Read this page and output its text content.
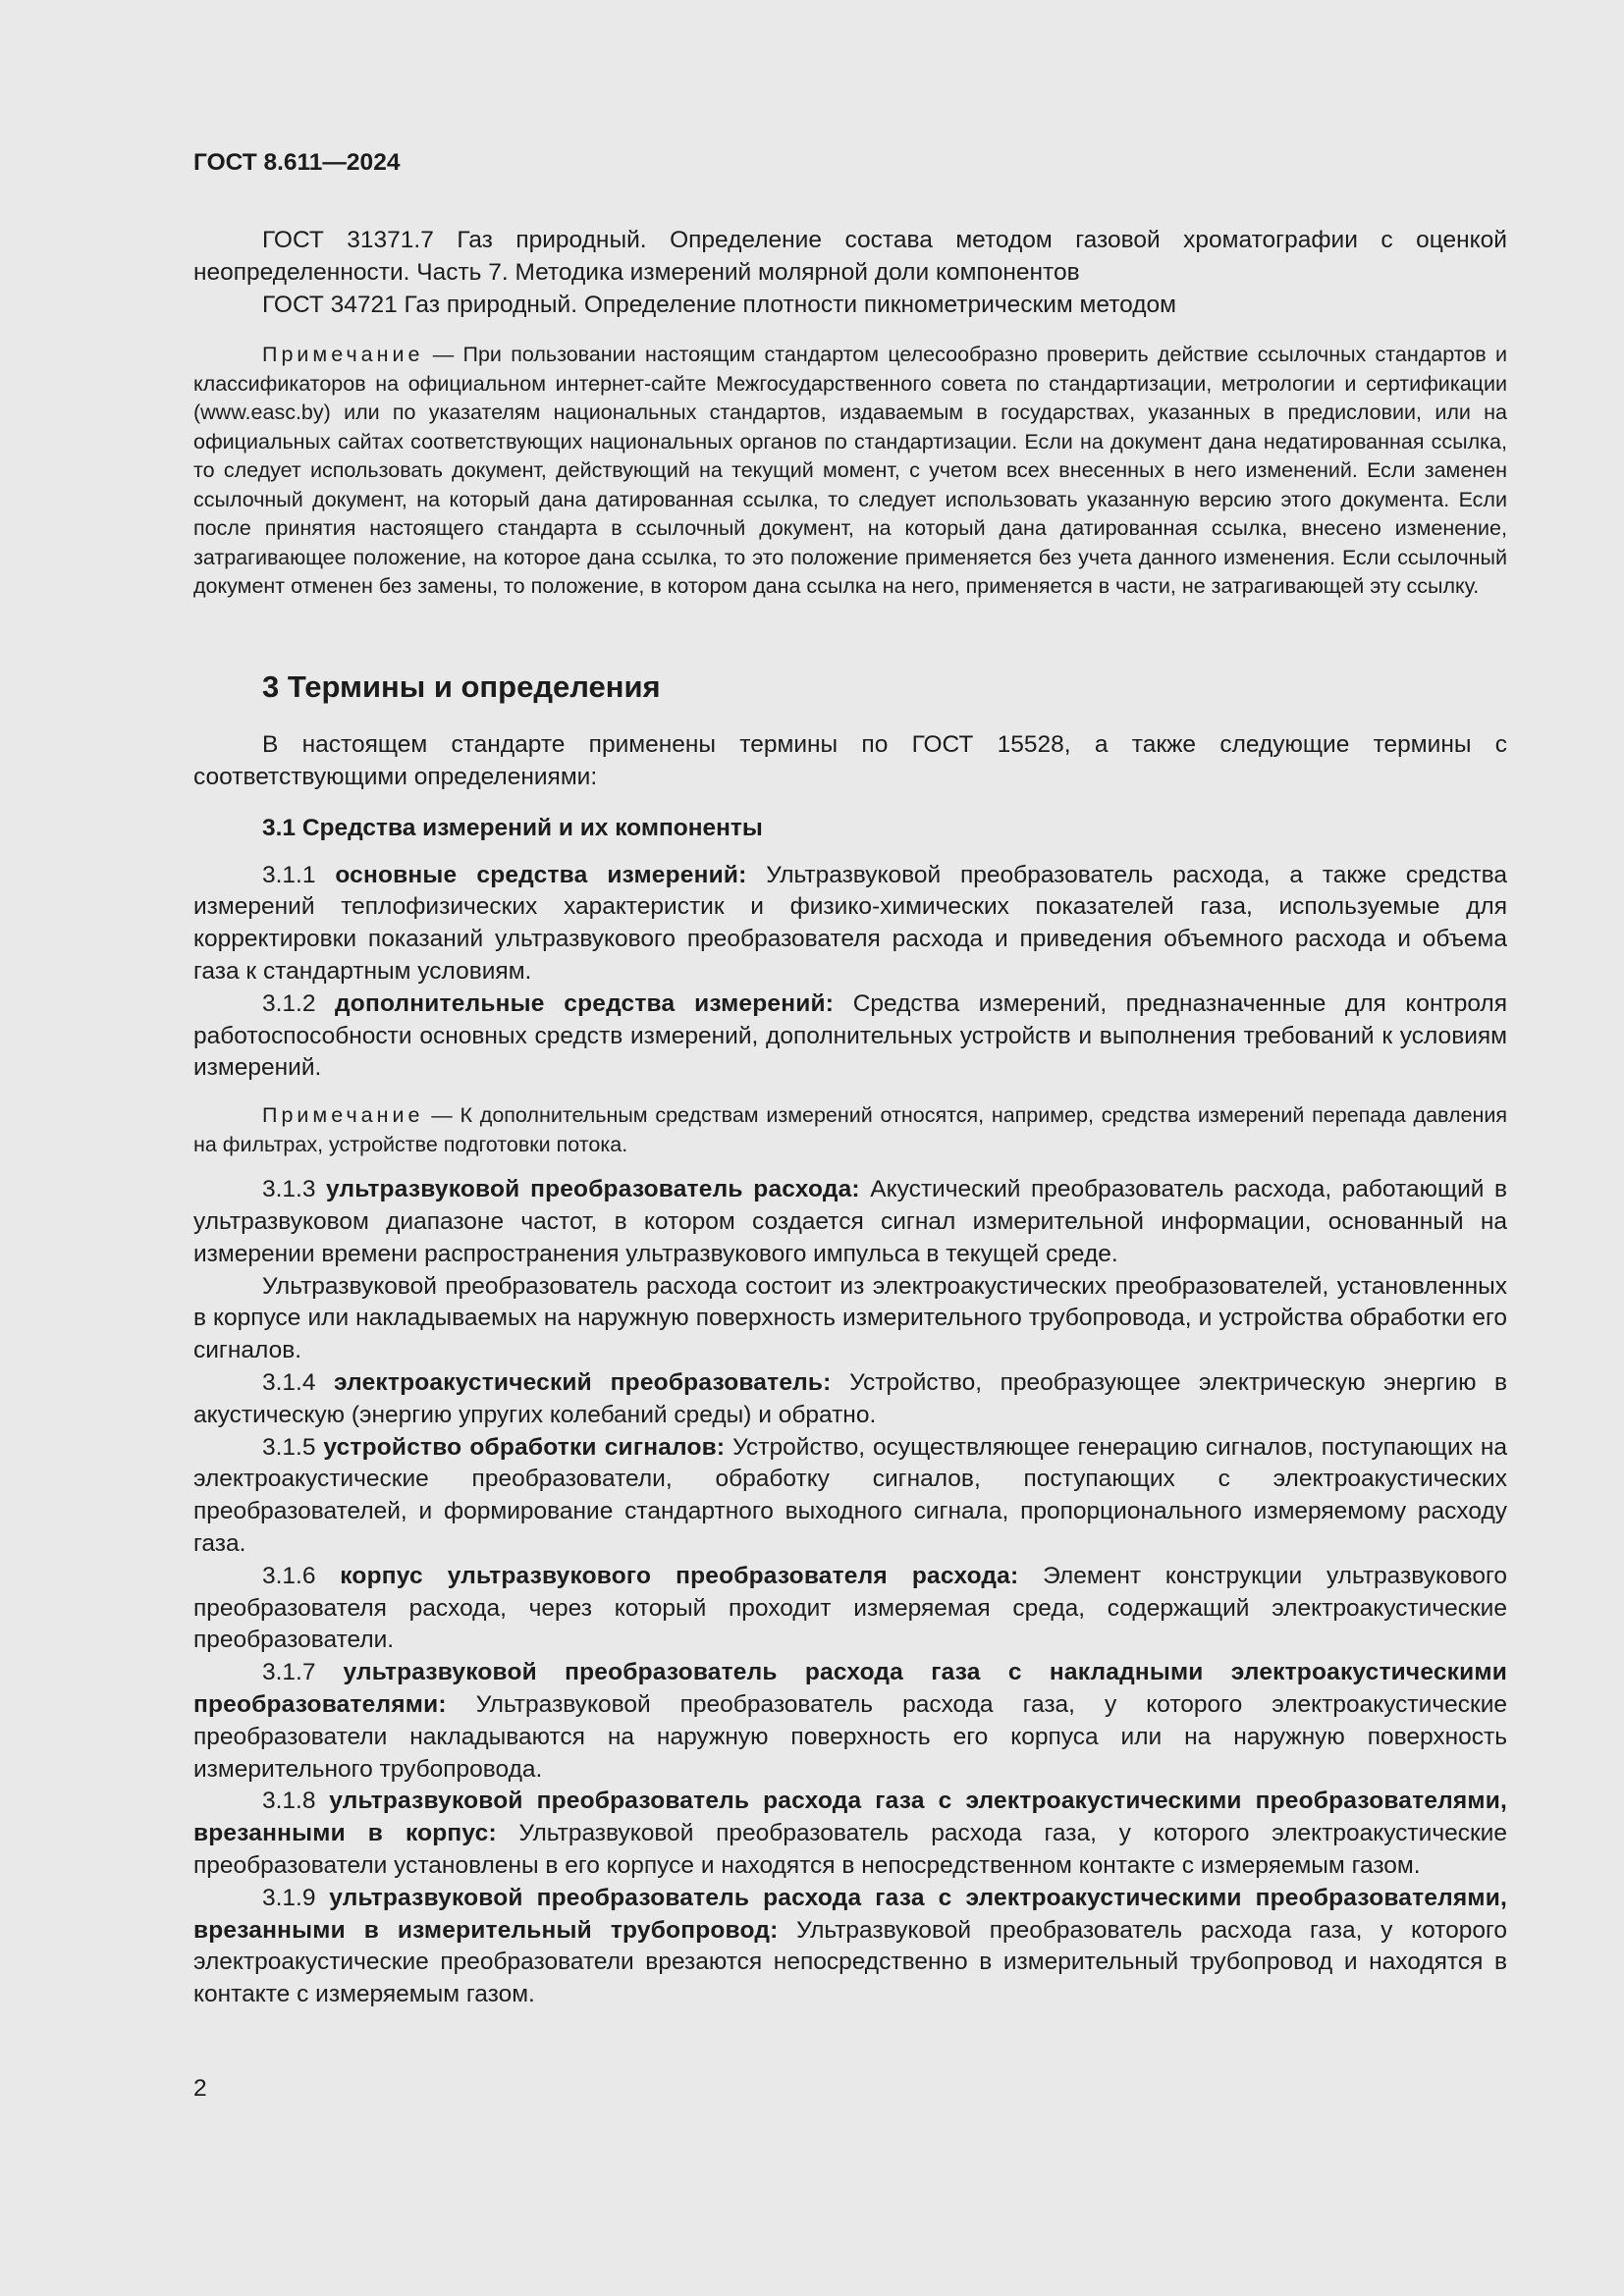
ГОСТ 8.611—2024

ГОСТ 31371.7 Газ природный. Определение состава методом газовой хроматографии с оценкой неопределенности. Часть 7. Методика измерений молярной доли компонентов

ГОСТ 34721 Газ природный. Определение плотности пикнометрическим методом

Примечание — При пользовании настоящим стандартом целесообразно проверить действие ссылочных стандартов и классификаторов на официальном интернет-сайте Межгосударственного совета по стандартизации, метрологии и сертификации (www.easc.by) или по указателям национальных стандартов, издаваемым в государствах, указанных в предисловии, или на официальных сайтах соответствующих национальных органов по стандартизации. Если на документ дана недатированная ссылка, то следует использовать документ, действующий на текущий момент, с учетом всех внесенных в него изменений. Если заменен ссылочный документ, на который дана датированная ссылка, то следует использовать указанную версию этого документа. Если после принятия настоящего стандарта в ссылочный документ, на который дана датированная ссылка, внесено изменение, затрагивающее положение, на которое дана ссылка, то это положение применяется без учета данного изменения. Если ссылочный документ отменен без замены, то положение, в котором дана ссылка на него, применяется в части, не затрагивающей эту ссылку.

3 Термины и определения

В настоящем стандарте применены термины по ГОСТ 15528, а также следующие термины с соответствующими определениями:

3.1 Средства измерений и их компоненты

3.1.1 основные средства измерений: Ультразвуковой преобразователь расхода, а также средства измерений теплофизических характеристик и физико-химических показателей газа, используемые для корректировки показаний ультразвукового преобразователя расхода и приведения объемного расхода и объема газа к стандартным условиям.

3.1.2 дополнительные средства измерений: Средства измерений, предназначенные для контроля работоспособности основных средств измерений, дополнительных устройств и выполнения требований к условиям измерений.

Примечание — К дополнительным средствам измерений относятся, например, средства измерений перепада давления на фильтрах, устройстве подготовки потока.

3.1.3 ультразвуковой преобразователь расхода: Акустический преобразователь расхода, работающий в ультразвуковом диапазоне частот, в котором создается сигнал измерительной информации, основанный на измерении времени распространения ультразвукового импульса в текущей среде.

Ультразвуковой преобразователь расхода состоит из электроакустических преобразователей, установленных в корпусе или накладываемых на наружную поверхность измерительного трубопровода, и устройства обработки его сигналов.

3.1.4 электроакустический преобразователь: Устройство, преобразующее электрическую энергию в акустическую (энергию упругих колебаний среды) и обратно.

3.1.5 устройство обработки сигналов: Устройство, осуществляющее генерацию сигналов, поступающих на электроакустические преобразователи, обработку сигналов, поступающих с электроакустических преобразователей, и формирование стандартного выходного сигнала, пропорционального измеряемому расходу газа.

3.1.6 корпус ультразвукового преобразователя расхода: Элемент конструкции ультразвукового преобразователя расхода, через который проходит измеряемая среда, содержащий электроакустические преобразователи.

3.1.7 ультразвуковой преобразователь расхода газа с накладными электроакустическими преобразователями: Ультразвуковой преобразователь расхода газа, у которого электроакустические преобразователи накладываются на наружную поверхность его корпуса или на наружную поверхность измерительного трубопровода.

3.1.8 ультразвуковой преобразователь расхода газа с электроакустическими преобразователями, врезанными в корпус: Ультразвуковой преобразователь расхода газа, у которого электроакустические преобразователи установлены в его корпусе и находятся в непосредственном контакте с измеряемым газом.

3.1.9 ультразвуковой преобразователь расхода газа с электроакустическими преобразователями, врезанными в измерительный трубопровод: Ультразвуковой преобразователь расхода газа, у которого электроакустические преобразователи врезаются непосредственно в измерительный трубопровод и находятся в контакте с измеряемым газом.

2
